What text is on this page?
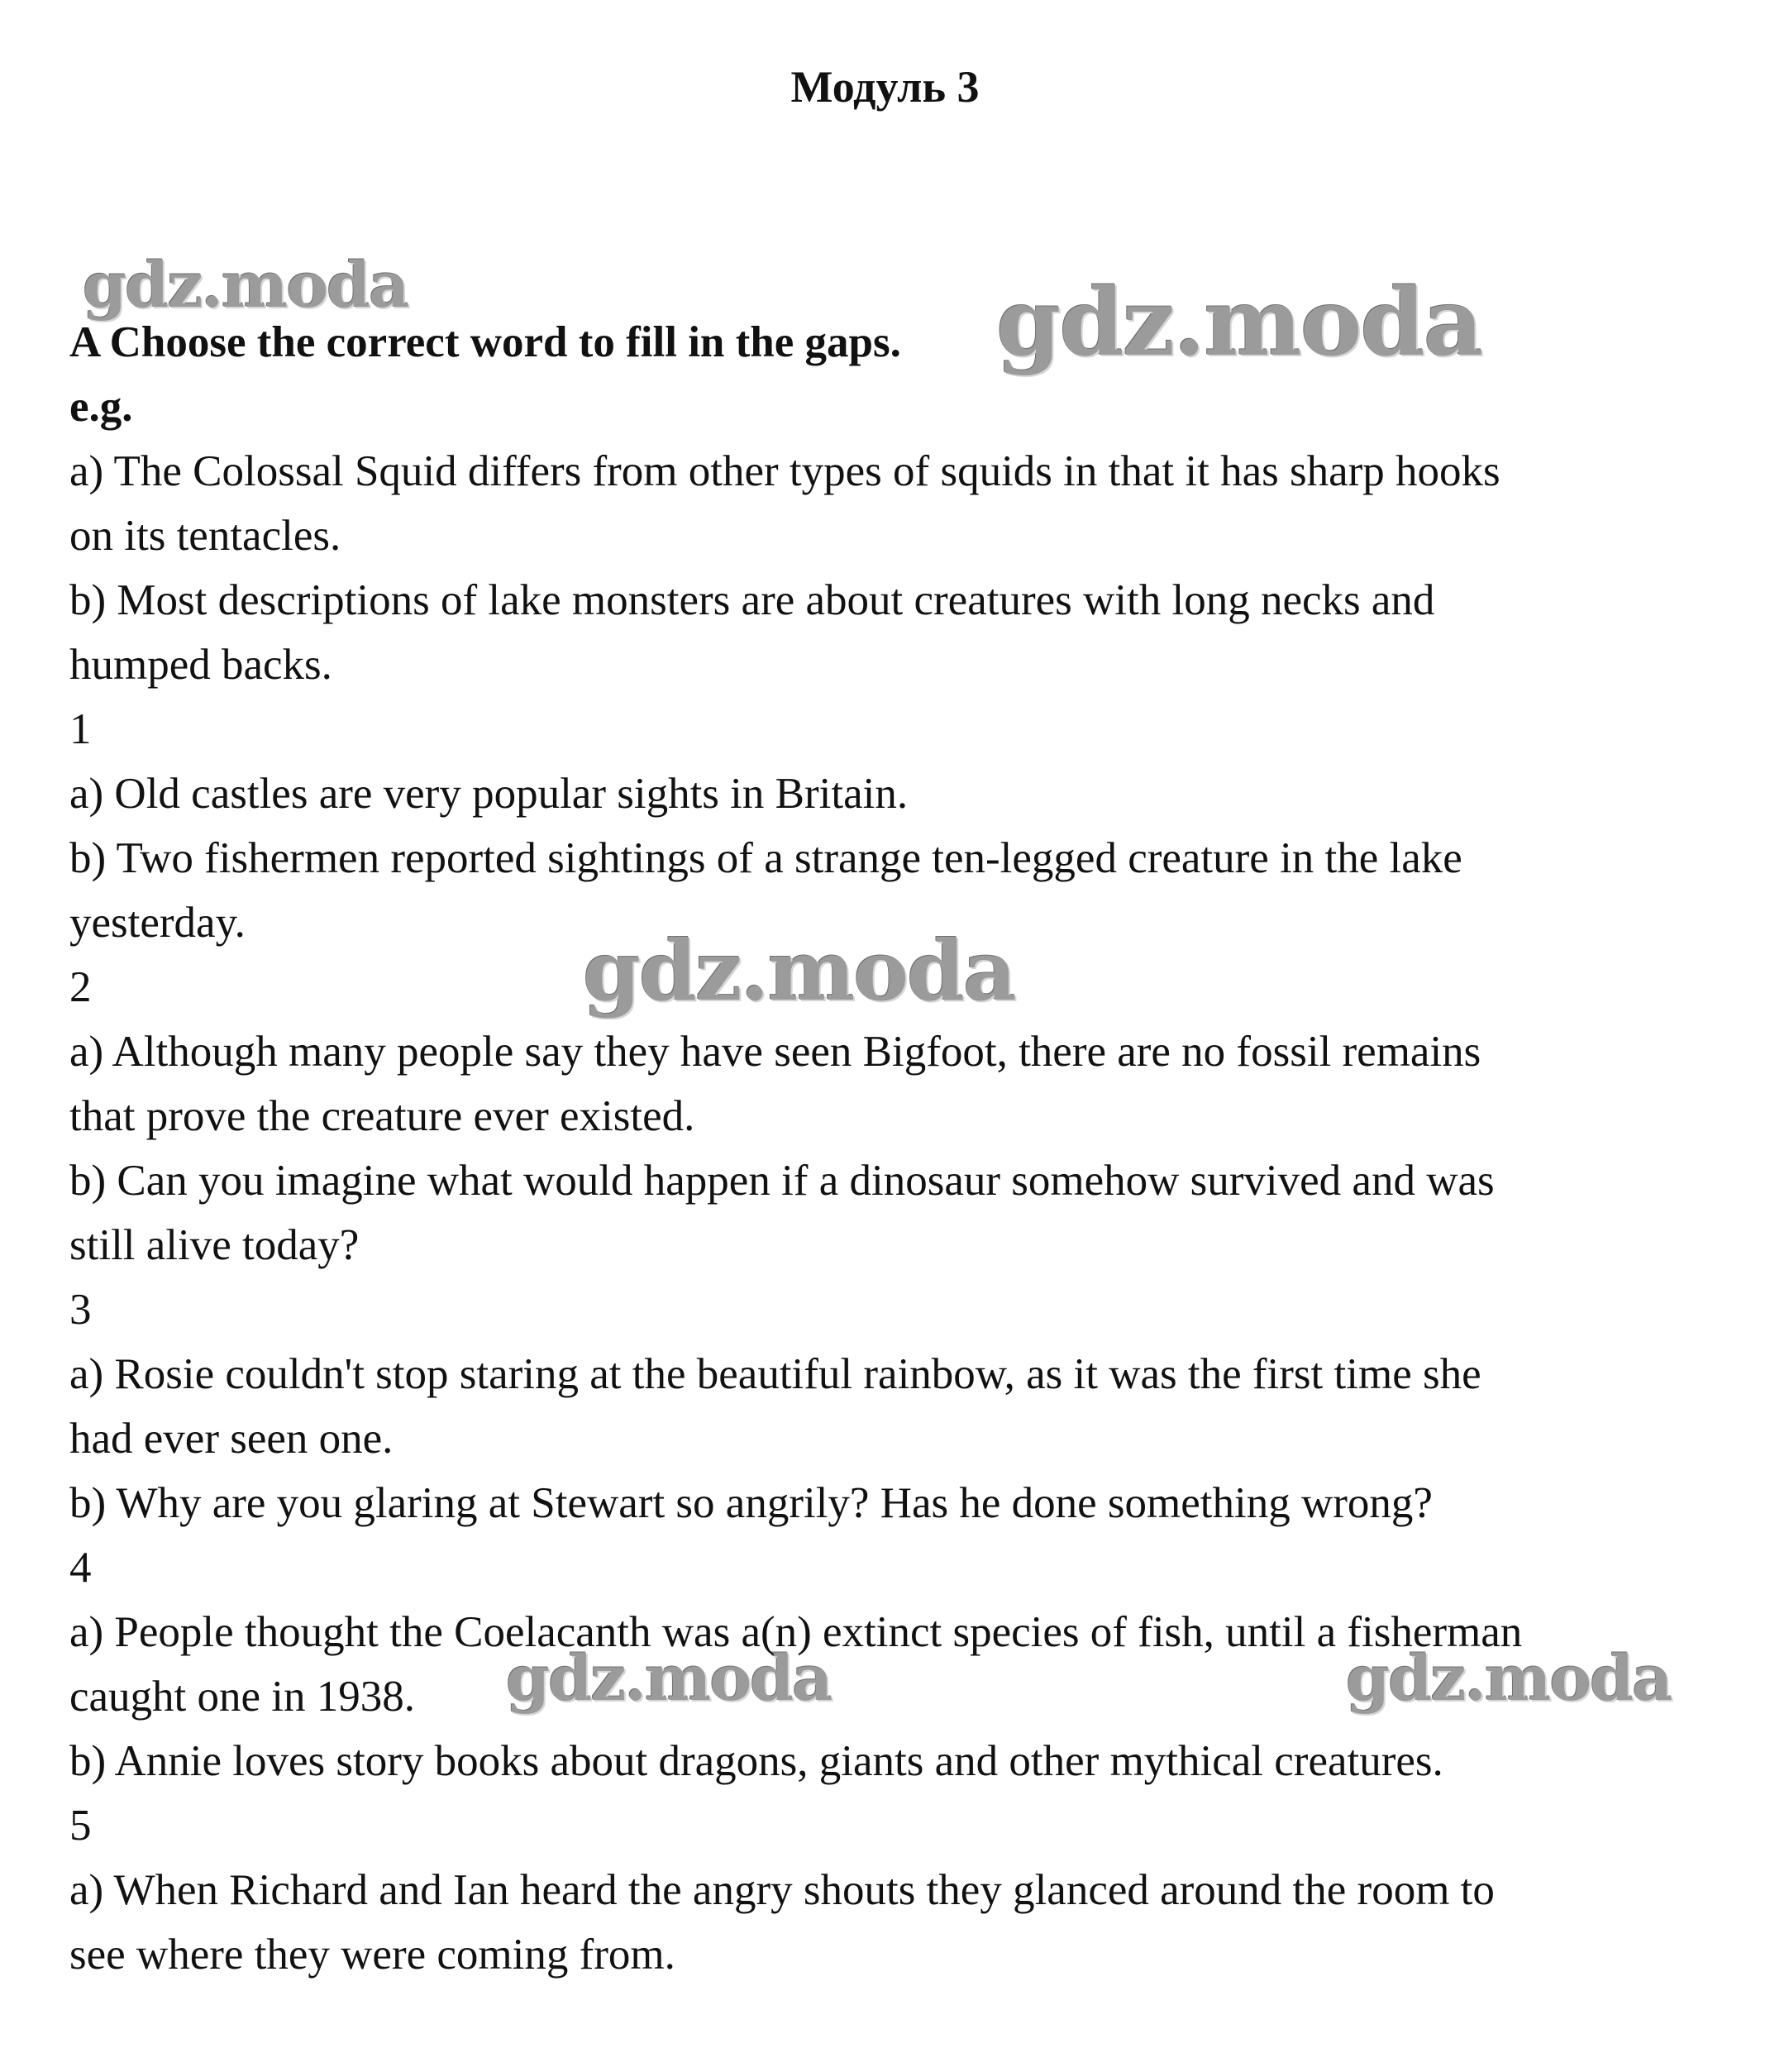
Модуль 3
gdz.moda	gdz.moda
gdz.moda
gdz.moda	gdz.moda
A Choose the correct word to fill in the gaps.
e.g.
a) The Colossal Squid differs from other types of squids in that it has sharp hooks
on its tentacles.
b) Most descriptions of lake monsters are about creatures with long necks and
humped backs.
1
a) Old castles are very popular sights in Britain.
b) Two fishermen reported sightings of a strange ten-legged creature in the lake
yesterday.
2
a) Although many people say they have seen Bigfoot, there are no fossil remains
that prove the creature ever existed.
b) Can you imagine what would happen if a dinosaur somehow survived and was
still alive today?
3
a) Rosie couldn't stop staring at the beautiful rainbow, as it was the first time she
had ever seen one.
b) Why are you glaring at Stewart so angrily? Has he done something wrong?
4
a) People thought the Coelacanth was a(n) extinct species of fish, until a fisherman
caught one in 1938.
b) Annie loves story books about dragons, giants and other mythical creatures.
5
a) When Richard and Ian heard the angry shouts they glanced around the room to
see where they were coming from.
